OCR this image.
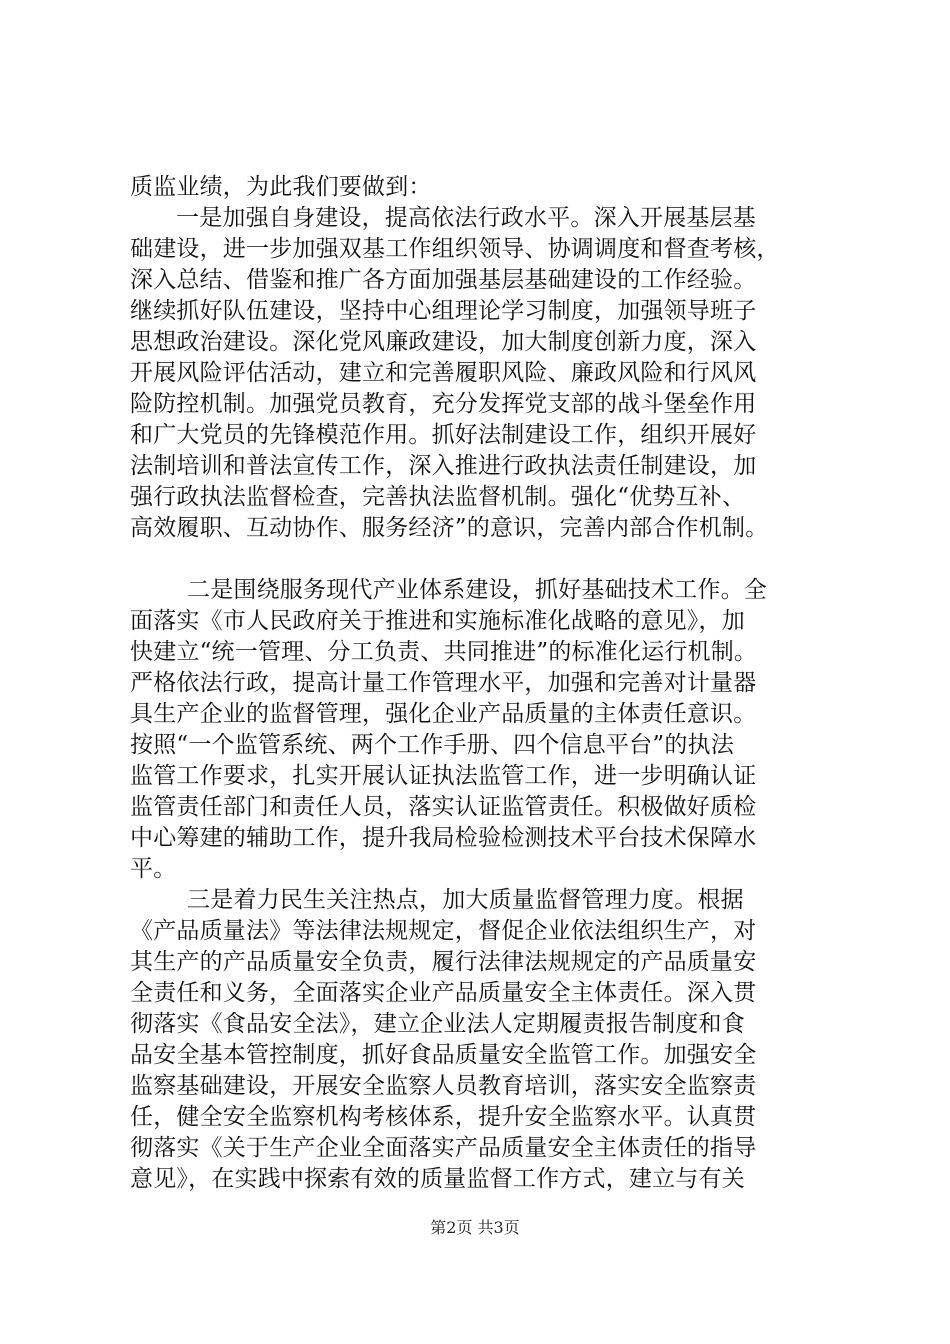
质监业绩，为此我们要做到：
一是加强自身建设，提高依法行政水平。深入开展基层基
础建设，进一步加强双基工作组织领导、协调调度和督查考核，
深入总结、借鉴和推广各方面加强基层基础建设的工作经验。
继续抓好队伍建设，坚持中心组理论学习制度，加强领导班子
思想政治建设。深化党风廉政建设，加大制度创新力度，深入
开展风险评估活动，建立和完善履职风险、廉政风险和行风风
险防控机制。加强党员教育，充分发挥党支部的战斗堡垒作用
和广大党员的先锋模范作用。抓好法制建设工作，组织开展好
法制培训和普法宣传工作，深入推进行政执法责任制建设，加
强行政执法监督检查，完善执法监督机制。强化“优势互补、
高效履职、互动协作、服务经济”的意识，完善内部合作机制。
二是围绕服务现代产业体系建设，抓好基础技术工作。全
面落实《市人民政府关于推进和实施标准化战略的意见》，加
快建立“统一管理、分工负责、共同推进”的标准化运行机制。
严格依法行政，提高计量工作管理水平，加强和完善对计量器
具生产企业的监督管理，强化企业产品质量的主体责任意识。
按照“一个监管系统、两个工作手册、四个信息平台”的执法
监管工作要求，扎实开展认证执法监管工作，进一步明确认证
监管责任部门和责任人员，落实认证监管责任。积极做好质检
中心筹建的辅助工作，提升我局检验检测技术平台技术保障水
平。
三是着力民生关注热点，加大质量监督管理力度。根据
《产品质量法》等法律法规规定，督促企业依法组织生产，对
其生产的产品质量安全负责，履行法律法规规定的产品质量安
全责任和义务，全面落实企业产品质量安全主体责任。深入贯
彻落实《食品安全法》，建立企业法人定期履责报告制度和食
品安全基本管控制度，抓好食品质量安全监管工作。加强安全
监察基础建设，开展安全监察人员教育培训，落实安全监察责
任，健全安全监察机构考核体系，提升安全监察水平。认真贯
彻落实《关于生产企业全面落实产品质量安全主体责任的指导
意见》，在实践中探索有效的质量监督工作方式，建立与有关
第2页 共3页
